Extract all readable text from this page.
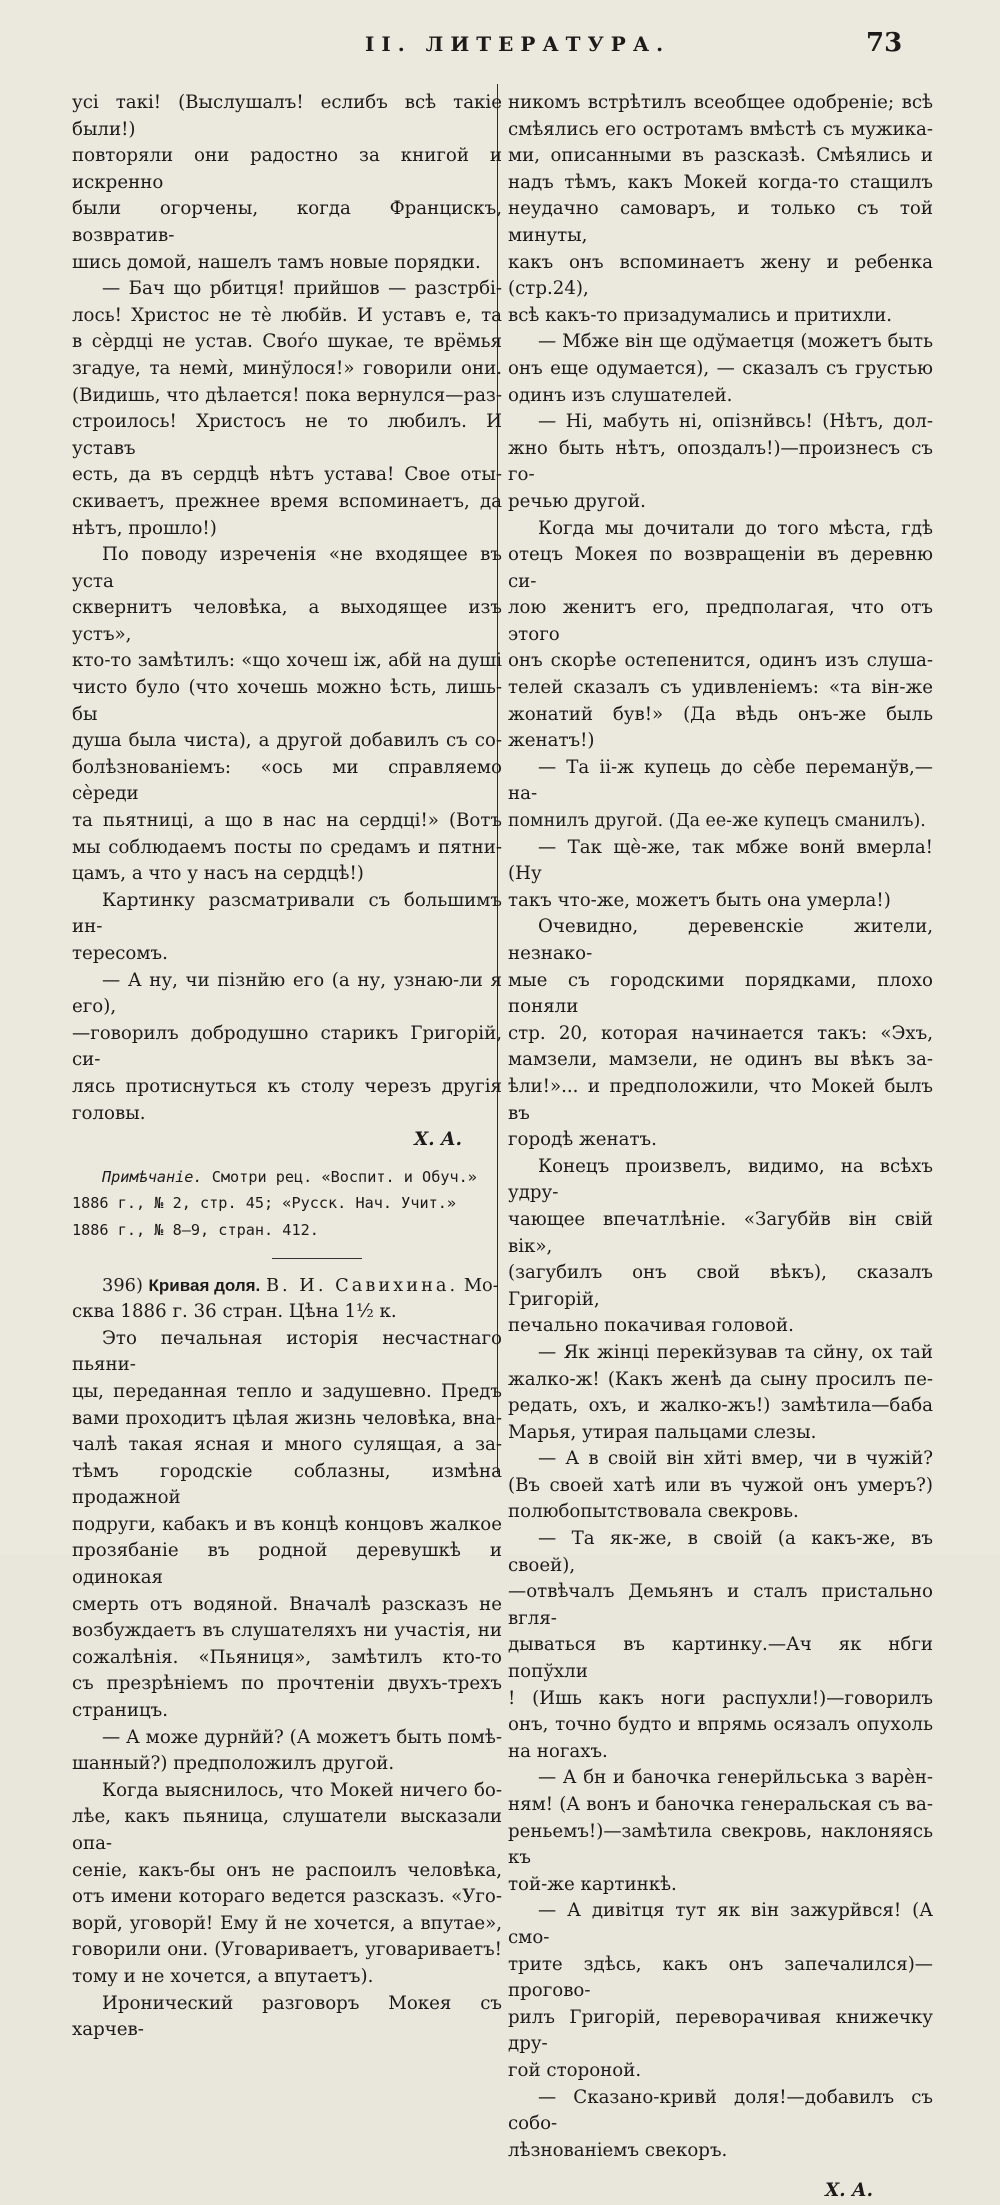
II. ЛИТЕРАТУРА.	73
усі такі! (Выслушалъ! еслибъ всѣ такіе были!)
повторяли они радостно за книгой и искренно
были огорчены, когда Францискъ, возвратив-
шись домой, нашелъ тамъ новые порядки.
— Бач що рбитця! прийшов — разстрбі-
лось! Христос не тѐ любйв. И уставъ е, та
в сѐрдці не устав. Своѓо шукае, те врёмья
згадуе, та немѝ, минўлося!» говорили они.
(Видишь, что дѣлается! пока вернулся—раз-
строилось! Христосъ не то любилъ. И уставъ
есть, да въ сердцѣ нѣтъ устава! Свое оты-
скиваетъ, прежнее время вспоминаетъ, да
нѣтъ, прошло!)
По поводу изреченія «не входящее въ уста
сквернитъ человѣка, а выходящее изъ устъ»,
кто-то замѣтилъ: «що хочеш іж, абй на душі
чисто було (что хочешь можно ѣсть, лишь-бы
душа была чиста), а другой добавилъ съ со-
болѣзнованіемъ: «ось ми справляемо сѐреди
та пьятниці, а що в нас на сердці!» (Вотъ
мы соблюдаемъ посты по средамъ и пятни-
цамъ, а что у насъ на сердцѣ!)
Картинку разсматривали съ большимъ ин-
тересомъ.
— А ну, чи пізнйю его (а ну, узнаю-ли я его),
—говорилъ добродушно старикъ Григорій, си-
лясь протиснуться къ столу черезъ другія
головы.
Х. А.
Примѣчаніе. Смотри рец. «Воспит. и Обуч.»
1886 г., № 2, стр. 45; «Русск. Нач. Учит.»
1886 г., № 8—9, стран. 412.
396) Кривая доля. В. И. Савихина. Мо-
сква 1886 г. 36 стран. Цѣна 1½ к.
Это печальная исторія несчастнаго пьяни-
цы, переданная тепло и задушевно. Предъ
вами проходитъ цѣлая жизнь человѣка, вна-
чалѣ такая ясная и много сулящая, а за-
тѣмъ городскіе соблазны, измѣна продажной
подруги, кабакъ и въ концѣ концовъ жалкое
прозябаніе въ родной деревушкѣ и одинокая
смерть отъ водяной. Вначалѣ разсказъ не
возбуждаетъ въ слушателяхъ ни участія, ни
сожалѣнія. «Пьяниця», замѣтилъ кто-то
съ презрѣніемъ по прочтеніи двухъ-трехъ
страницъ.
— А може дурнйй? (А можетъ быть помѣ-
шанный?) предположилъ другой.
Когда выяснилось, что Мокей ничего бо-
лѣе, какъ пьяница, слушатели высказали опа-
сеніе, какъ-бы онъ не распоилъ человѣка,
отъ имени котораго ведется разсказъ. «Уго-
ворй, уговорй! Ему й не хочется, а впутае»,
говорили они. (Уговариваетъ, уговариваетъ!
тому и не хочется, а впутаетъ).
Иронический разговоръ Мокея съ харчев-
никомъ встрѣтилъ всеобщее одобреніе; всѣ
смѣялись его остротамъ вмѣстѣ съ мужика-
ми, описанными въ разсказѣ. Смѣялись и
надъ тѣмъ, какъ Мокей когда-то стащилъ
неудачно самоваръ, и только съ той минуты,
какъ онъ вспоминаетъ жену и ребенка (стр.24),
всѣ какъ-то призадумались и притихли.
— Мбже він ще одўмаетця (можетъ быть
онъ еще одумается), — сказалъ съ грустью
одинъ изъ слушателей.
— Ні, мабуть ні, опізнйвсь! (Нѣтъ, дол-
жно быть нѣтъ, опоздалъ!)—произнесъ съ го-
речью другой.
Когда мы дочитали до того мѣста, гдѣ
отецъ Мокея по возвращеніи въ деревню си-
лою женитъ его, предполагая, что отъ этого
онъ скорѣе остепенится, одинъ изъ слуша-
телей сказалъ съ удивленіемъ: «та він-же
жонатий був!» (Да вѣдь онъ-же быль женатъ!)
— Та ii-ж купець до сѐбе переманўв,—на-
помнилъ другой. (Да ее-же купецъ сманилъ).
— Так щѐ-же, так мбже вонй вмерла! (Ну
такъ что-же, можетъ быть она умерла!)
Очевидно, деревенскіе жители, незнако-
мые съ городскими порядками, плохо поняли
стр. 20, которая начинается такъ: «Эхъ,
мамзели, мамзели, не одинъ вы вѣкъ за-
ѣли!»... и предположили, что Мокей былъ въ
городѣ женатъ.
Конецъ произвелъ, видимо, на всѣхъ удру-
чающее впечатлѣніе. «Загубйв він свій вік»,
(загубилъ онъ свой вѣкъ), сказалъ Григорій,
печально покачивая головой.
— Як жінці перекйзував та сйну, ох тай
жалко-ж! (Какъ женѣ да сыну просилъ пе-
редать, охъ, и жалко-жъ!) замѣтила—баба
Марья, утирая пальцами слезы.
— А в своій він хйті вмер, чи в чужій?
(Въ своей хатѣ или въ чужой онъ умеръ?)
полюбопытствовала свекровь.
— Та як-же, в своій (а какъ-же, въ своей),
—отвѣчалъ Демьянъ и сталъ пристально вгля-
дываться въ картинку.—Ач як нбги попўхли
! (Ишь какъ ноги распухли!)—говорилъ
онъ, точно будто и впрямь осязалъ опухоль
на ногахъ.
— А бн и баночка генерйльська з варѐн-
ням! (А вонъ и баночка генеральская съ ва-
реньемъ!)—замѣтила свекровь, наклоняясь къ
той-же картинкѣ.
— А дивітця тут як він зажурйвся! (А смо-
трите здѣсь, какъ онъ запечалился)—прогово-
рилъ Григорій, переворачивая книжечку дру-
гой стороной.
— Сказано-кривй доля!—добавилъ съ собо-
лѣзнованіемъ свекоръ.
Х. А.
